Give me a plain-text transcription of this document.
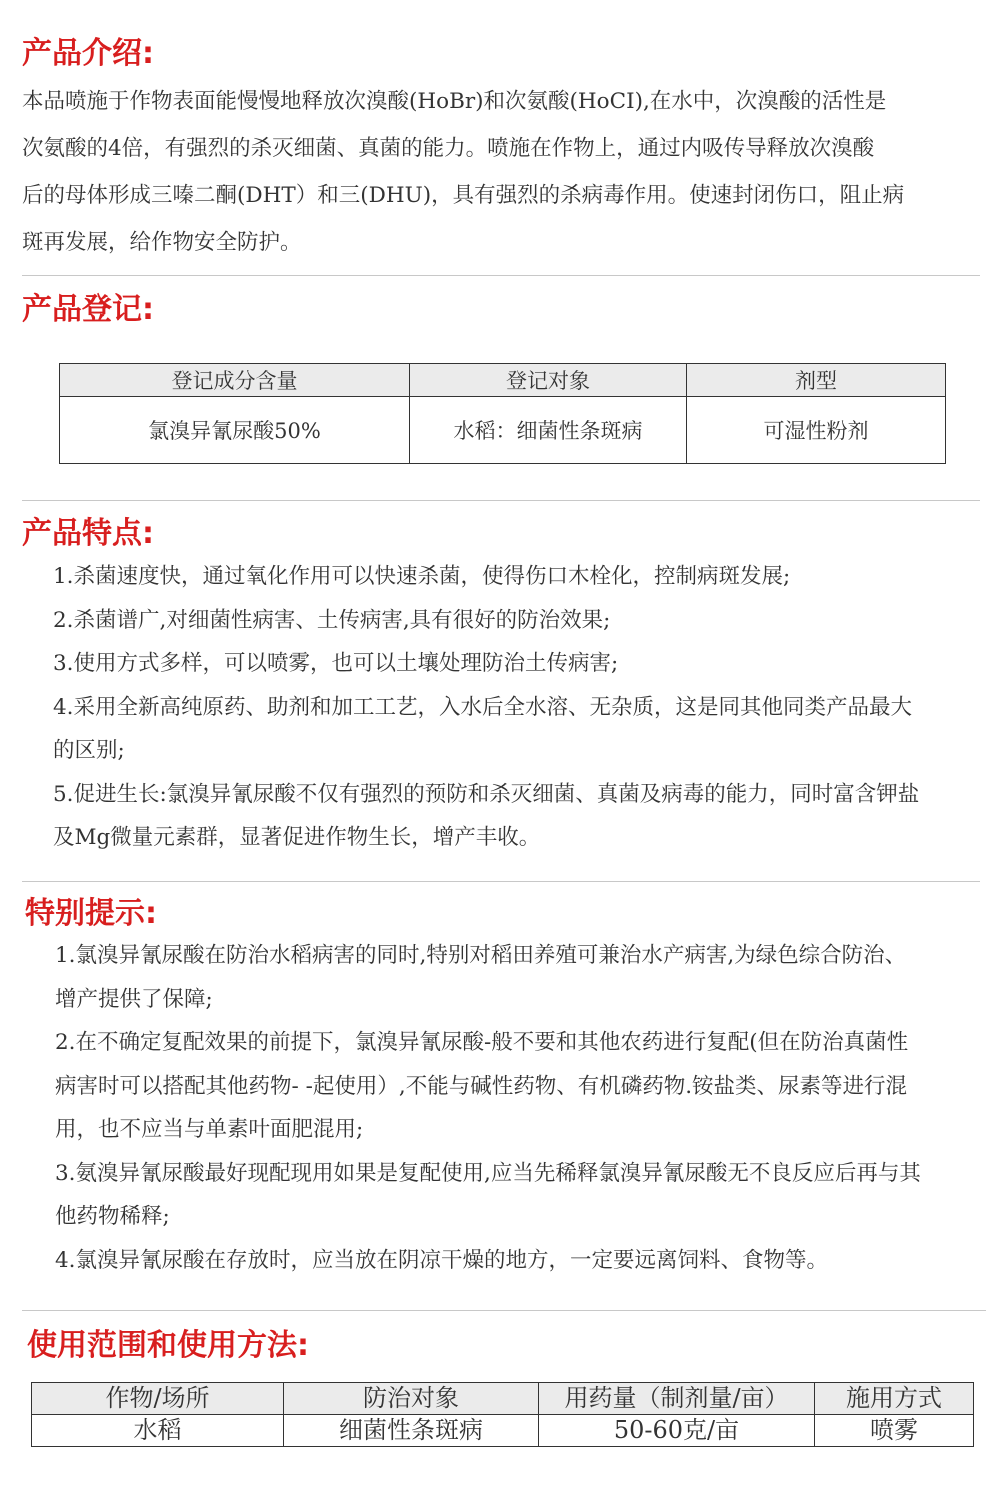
产品介绍:
本品喷施于作物表面能慢慢地释放次溴酸(HoBr)和次氨酸(HoCI),在水中，次溴酸的活性是
次氨酸的4倍，有强烈的杀灭细菌、真菌的能力。喷施在作物上，通过内吸传导释放次溴酸
后的母体形成三嗪二酮(DHT）和三(DHU)，具有强烈的杀病毒作用。使速封闭伤口，阻止病
斑再发展，给作物安全防护。
产品登记:
登记成分含量	登记对象	剂型
氯溴异氰尿酸50%	水稻：细菌性条斑病	可湿性粉剂
产品特点:
1.杀菌速度快，通过氧化作用可以快速杀菌，使得伤口木栓化，控制病斑发展;
2.杀菌谱广,对细菌性病害、土传病害,具有很好的防治效果;
3.使用方式多样，可以喷雾，也可以土壤处理防治土传病害;
4.采用全新高纯原药、助剂和加工工艺，入水后全水溶、无杂质，这是同其他同类产品最大
的区别;
5.促进生长:氯溴异氰尿酸不仅有强烈的预防和杀灭细菌、真菌及病毒的能力，同时富含钾盐
及Mg微量元素群，显著促进作物生长，增产丰收。
特别提示:
1.氯溴异氰尿酸在防治水稻病害的同时,特别对稻田养殖可兼治水产病害,为绿色综合防治、
增产提供了保障;
2.在不确定复配效果的前提下，氯溴异氰尿酸-般不要和其他农药进行复配(但在防治真菌性
病害时可以搭配其他药物- -起使用）,不能与碱性药物、有机磷药物.铵盐类、尿素等进行混
用，也不应当与单素叶面肥混用;
3.氨溴异氰尿酸最好现配现用如果是复配使用,应当先稀释氯溴异氰尿酸无不良反应后再与其
他药物稀释;
4.氯溴异氰尿酸在存放时，应当放在阴凉干燥的地方，一定要远离饲料、食物等。
使用范围和使用方法:
作物/场所	防治对象	用药量（制剂量/亩）	施用方式
水稻	细菌性条斑病	50-60克/亩	喷雾
